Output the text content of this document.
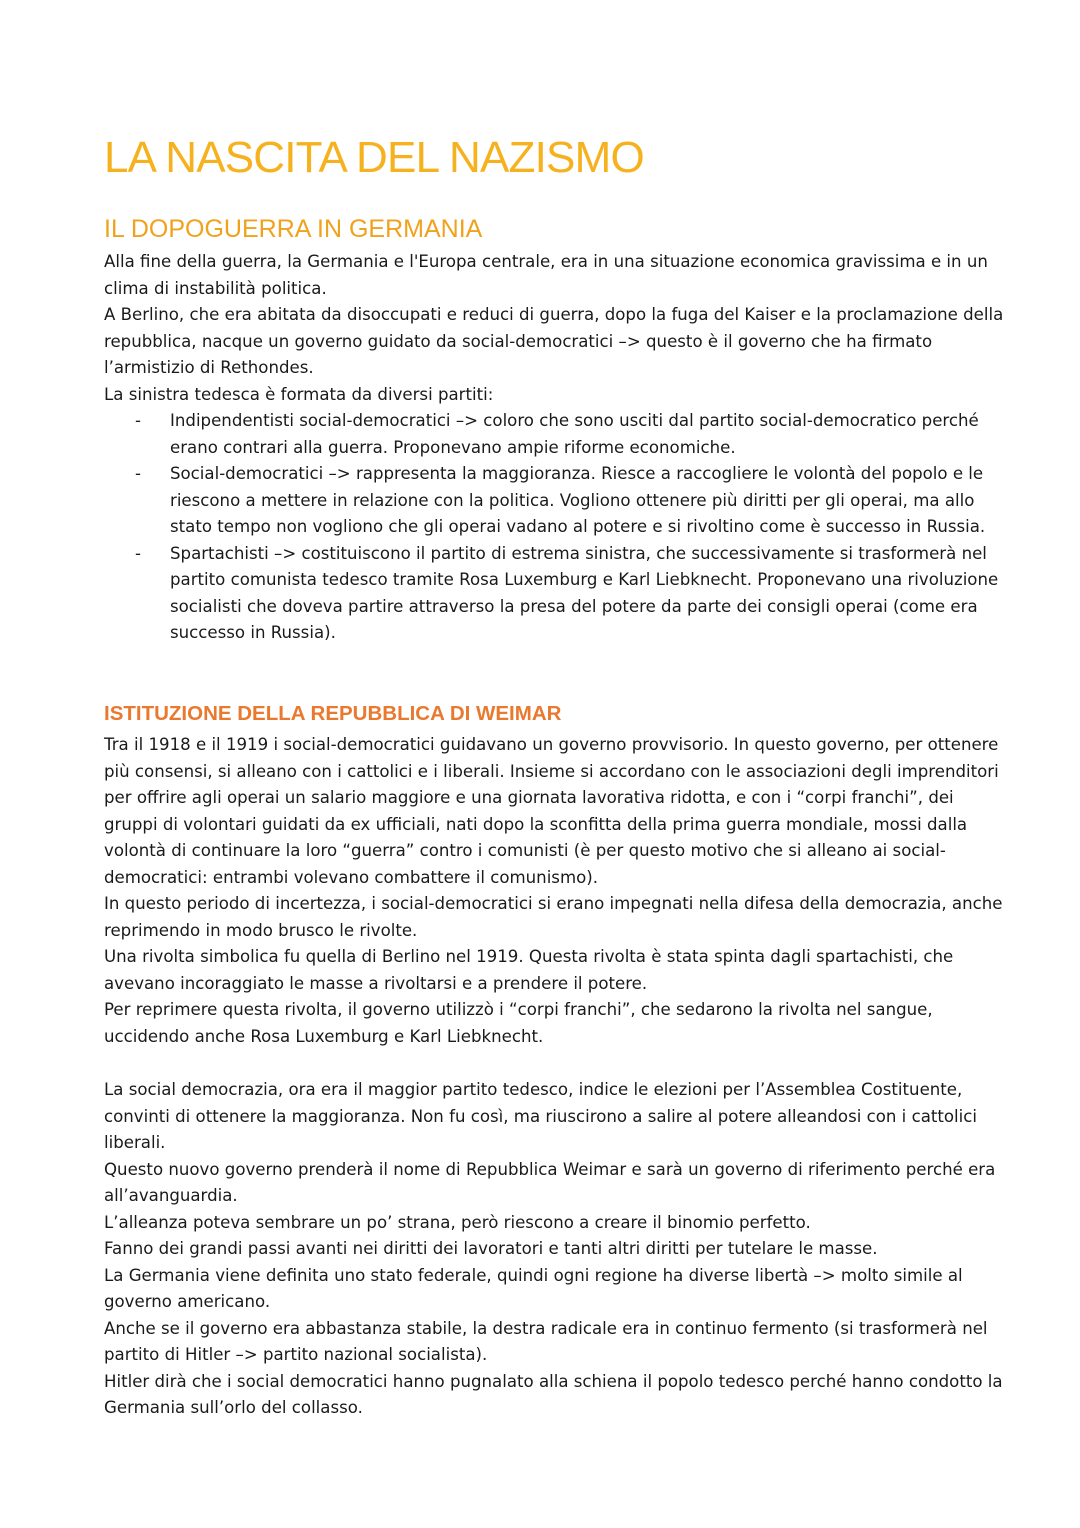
LA NASCITA DEL NAZISMO
IL DOPOGUERRA IN GERMANIA

Alla fine della guerra, la Germania e l'Europa centrale, era in una situazione economica gravissima e in un clima di instabilità politica.

A Berlino, che era abitata da disoccupati e reduci di guerra, dopo la fuga del Kaiser e la proclamazione della repubblica, nacque un governo guidato da social-democratici –> questo è il governo che ha firmato l’armistizio di Rethondes.

La sinistra tedesca è formata da diversi partiti:

- Indipendentisti social-democratici –> coloro che sono usciti dal partito social-democratico perché erano contrari alla guerra. Proponevano ampie riforme economiche.
- Social-democratici –> rappresenta la maggioranza. Riesce a raccogliere le volontà del popolo e le riescono a mettere in relazione con la politica. Vogliono ottenere più diritti per gli operai, ma allo stato tempo non vogliono che gli operai vadano al potere e si rivoltino come è successo in Russia.
- Spartachisti –> costituiscono il partito di estrema sinistra, che successivamente si trasformerà nel partito comunista tedesco tramite Rosa Luxemburg e Karl Liebknecht. Proponevano una rivoluzione socialisti che doveva partire attraverso la presa del potere da parte dei consigli operai (come era successo in Russia).
ISTITUZIONE DELLA REPUBBLICA DI WEIMAR

Tra il 1918 e il 1919 i social-democratici guidavano un governo provvisorio. In questo governo, per ottenere più consensi, si alleano con i cattolici e i liberali. Insieme si accordano con le associazioni degli imprenditori per offrire agli operai un salario maggiore e una giornata lavorativa ridotta, e con i “corpi franchi”, dei gruppi di volontari guidati da ex ufficiali, nati dopo la sconfitta della prima guerra mondiale, mossi dalla volontà di continuare la loro “guerra” contro i comunisti (è per questo motivo che si alleano ai social-democratici: entrambi volevano combattere il comunismo).

In questo periodo di incertezza, i social-democratici si erano impegnati nella difesa della democrazia, anche reprimendo in modo brusco le rivolte.

Una rivolta simbolica fu quella di Berlino nel 1919. Questa rivolta è stata spinta dagli spartachisti, che avevano incoraggiato le masse a rivoltarsi e a prendere il potere.

Per reprimere questa rivolta, il governo utilizzò i “corpi franchi”, che sedarono la rivolta nel sangue, uccidendo anche Rosa Luxemburg e Karl Liebknecht.

La social democrazia, ora era il maggior partito tedesco, indice le elezioni per l’Assemblea Costituente, convinti di ottenere la maggioranza. Non fu così, ma riuscirono a salire al potere alleandosi con i cattolici liberali.

Questo nuovo governo prenderà il nome di Repubblica Weimar e sarà un governo di riferimento perché era all’avanguardia.

L’alleanza poteva sembrare un po’ strana, però riescono a creare il binomio perfetto.

Fanno dei grandi passi avanti nei diritti dei lavoratori e tanti altri diritti per tutelare le masse.

La Germania viene definita uno stato federale, quindi ogni regione ha diverse libertà –> molto simile al governo americano.

Anche se il governo era abbastanza stabile, la destra radicale era in continuo fermento (si trasformerà nel partito di Hitler –> partito nazional socialista).

Hitler dirà che i social democratici hanno pugnalato alla schiena il popolo tedesco perché hanno condotto la Germania sull’orlo del collasso.
